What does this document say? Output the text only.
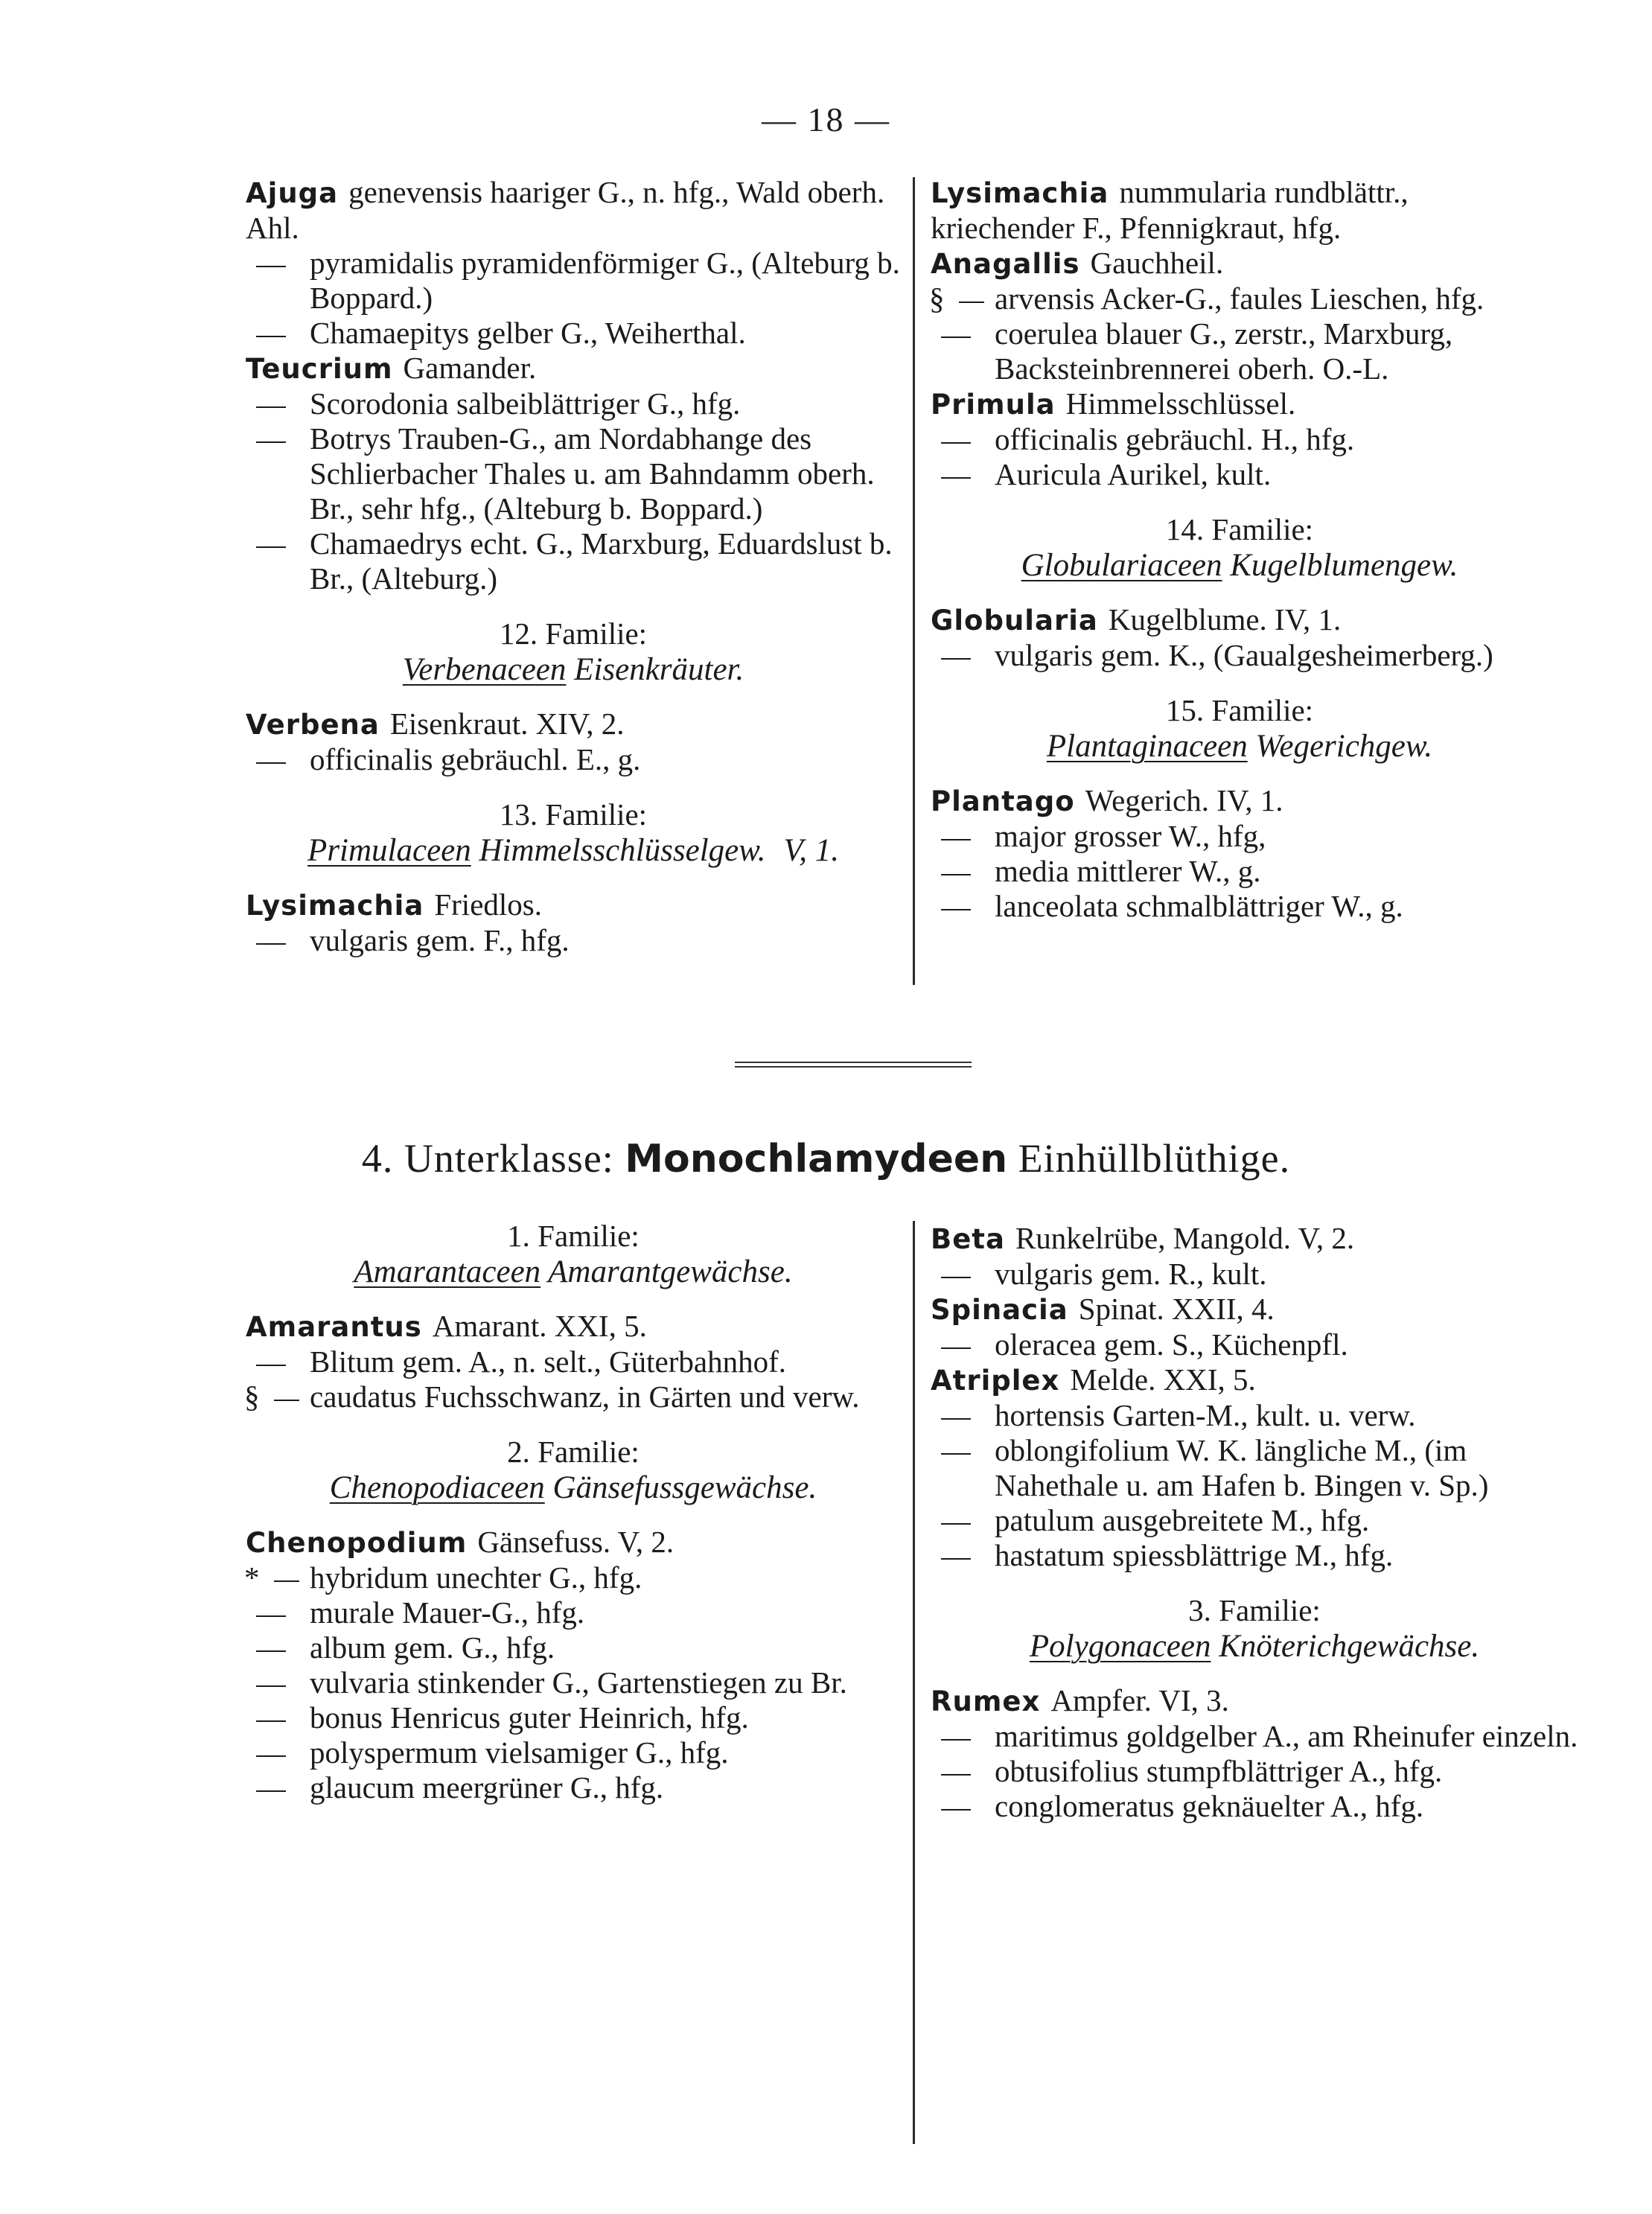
— 18 —
Ajuga genevensis haariger G., n. hfg., Wald oberh. Ahl.
pyramidalis pyramidenförmiger G., (Alteburg b. Boppard.)
Chamaepitys gelber G., Weiherthal.
Teucrium Gamander.
Scorodonia salbeiblättriger G., hfg.
Botrys Trauben-G., am Nordabhange des Schlierbacher Thales u. am Bahndamm oberh. Br., sehr hfg., (Alteburg b. Boppard.)
Chamaedrys echt. G., Marxburg, Eduardslust b. Br., (Alteburg.)
12. Familie:
Verbenaceen Eisenkräuter.
Verbena Eisenkraut. XIV, 2.
officinalis gebräuchl. E., g.
13. Familie:
Primulaceen Himmelsschlüsselgew. V, 1.
Lysimachia Friedlos.
vulgaris gem. F., hfg.
Lysimachia nummularia rundblättr., kriechender F., Pfennigkraut, hfg.
Anagallis Gauchheil.
§ arvensis Acker-G., faules Lieschen, hfg.
coerulea blauer G., zerstr., Marxburg, Backsteinbrennerei oberh. O.-L.
Primula Himmelsschlüssel.
officinalis gebräuchl. H., hfg.
Auricula Aurikel, kult.
14. Familie:
Globulariaceen Kugelblumengew.
Globularia Kugelblume. IV, 1.
vulgaris gem. K., (Gaualgesheimerberg.)
15. Familie:
Plantaginaceen Wegerichgew.
Plantago Wegerich. IV, 1.
major grosser W., hfg,
media mittlerer W., g.
lanceolata schmalblättriger W., g.
4. Unterklasse: Monochlamydeen Einhüllblüthige.
1. Familie:
Amarantaceen Amarantgewächse.
Amarantus Amarant. XXI, 5.
Blitum gem. A., n. selt., Güterbahnhof.
§ caudatus Fuchsschwanz, in Gärten und verw.
2. Familie:
Chenopodiaceen Gänsefussgewächse.
Chenopodium Gänsefuss. V, 2.
* hybridum unechter G., hfg.
murale Mauer-G., hfg.
album gem. G., hfg.
vulvaria stinkender G., Gartenstiegen zu Br.
bonus Henricus guter Heinrich, hfg.
polyspermum vielsamiger G., hfg.
glaucum meergrüner G., hfg.
Beta Runkelrübe, Mangold. V, 2.
vulgaris gem. R., kult.
Spinacia Spinat. XXII, 4.
oleracea gem. S., Küchenpfl.
Atriplex Melde. XXI, 5.
hortensis Garten-M., kult. u. verw.
oblongifolium W. K. längliche M., (im Nahethale u. am Hafen b. Bingen v. Sp.)
patulum ausgebreitete M., hfg.
hastatum spiessblättrige M., hfg.
3. Familie:
Polygonaceen Knöterichgewächse.
Rumex Ampfer. VI, 3.
maritimus goldgelber A., am Rheinufer einzeln.
obtusifolius stumpfblättriger A., hfg.
conglomeratus geknäuelter A., hfg.
